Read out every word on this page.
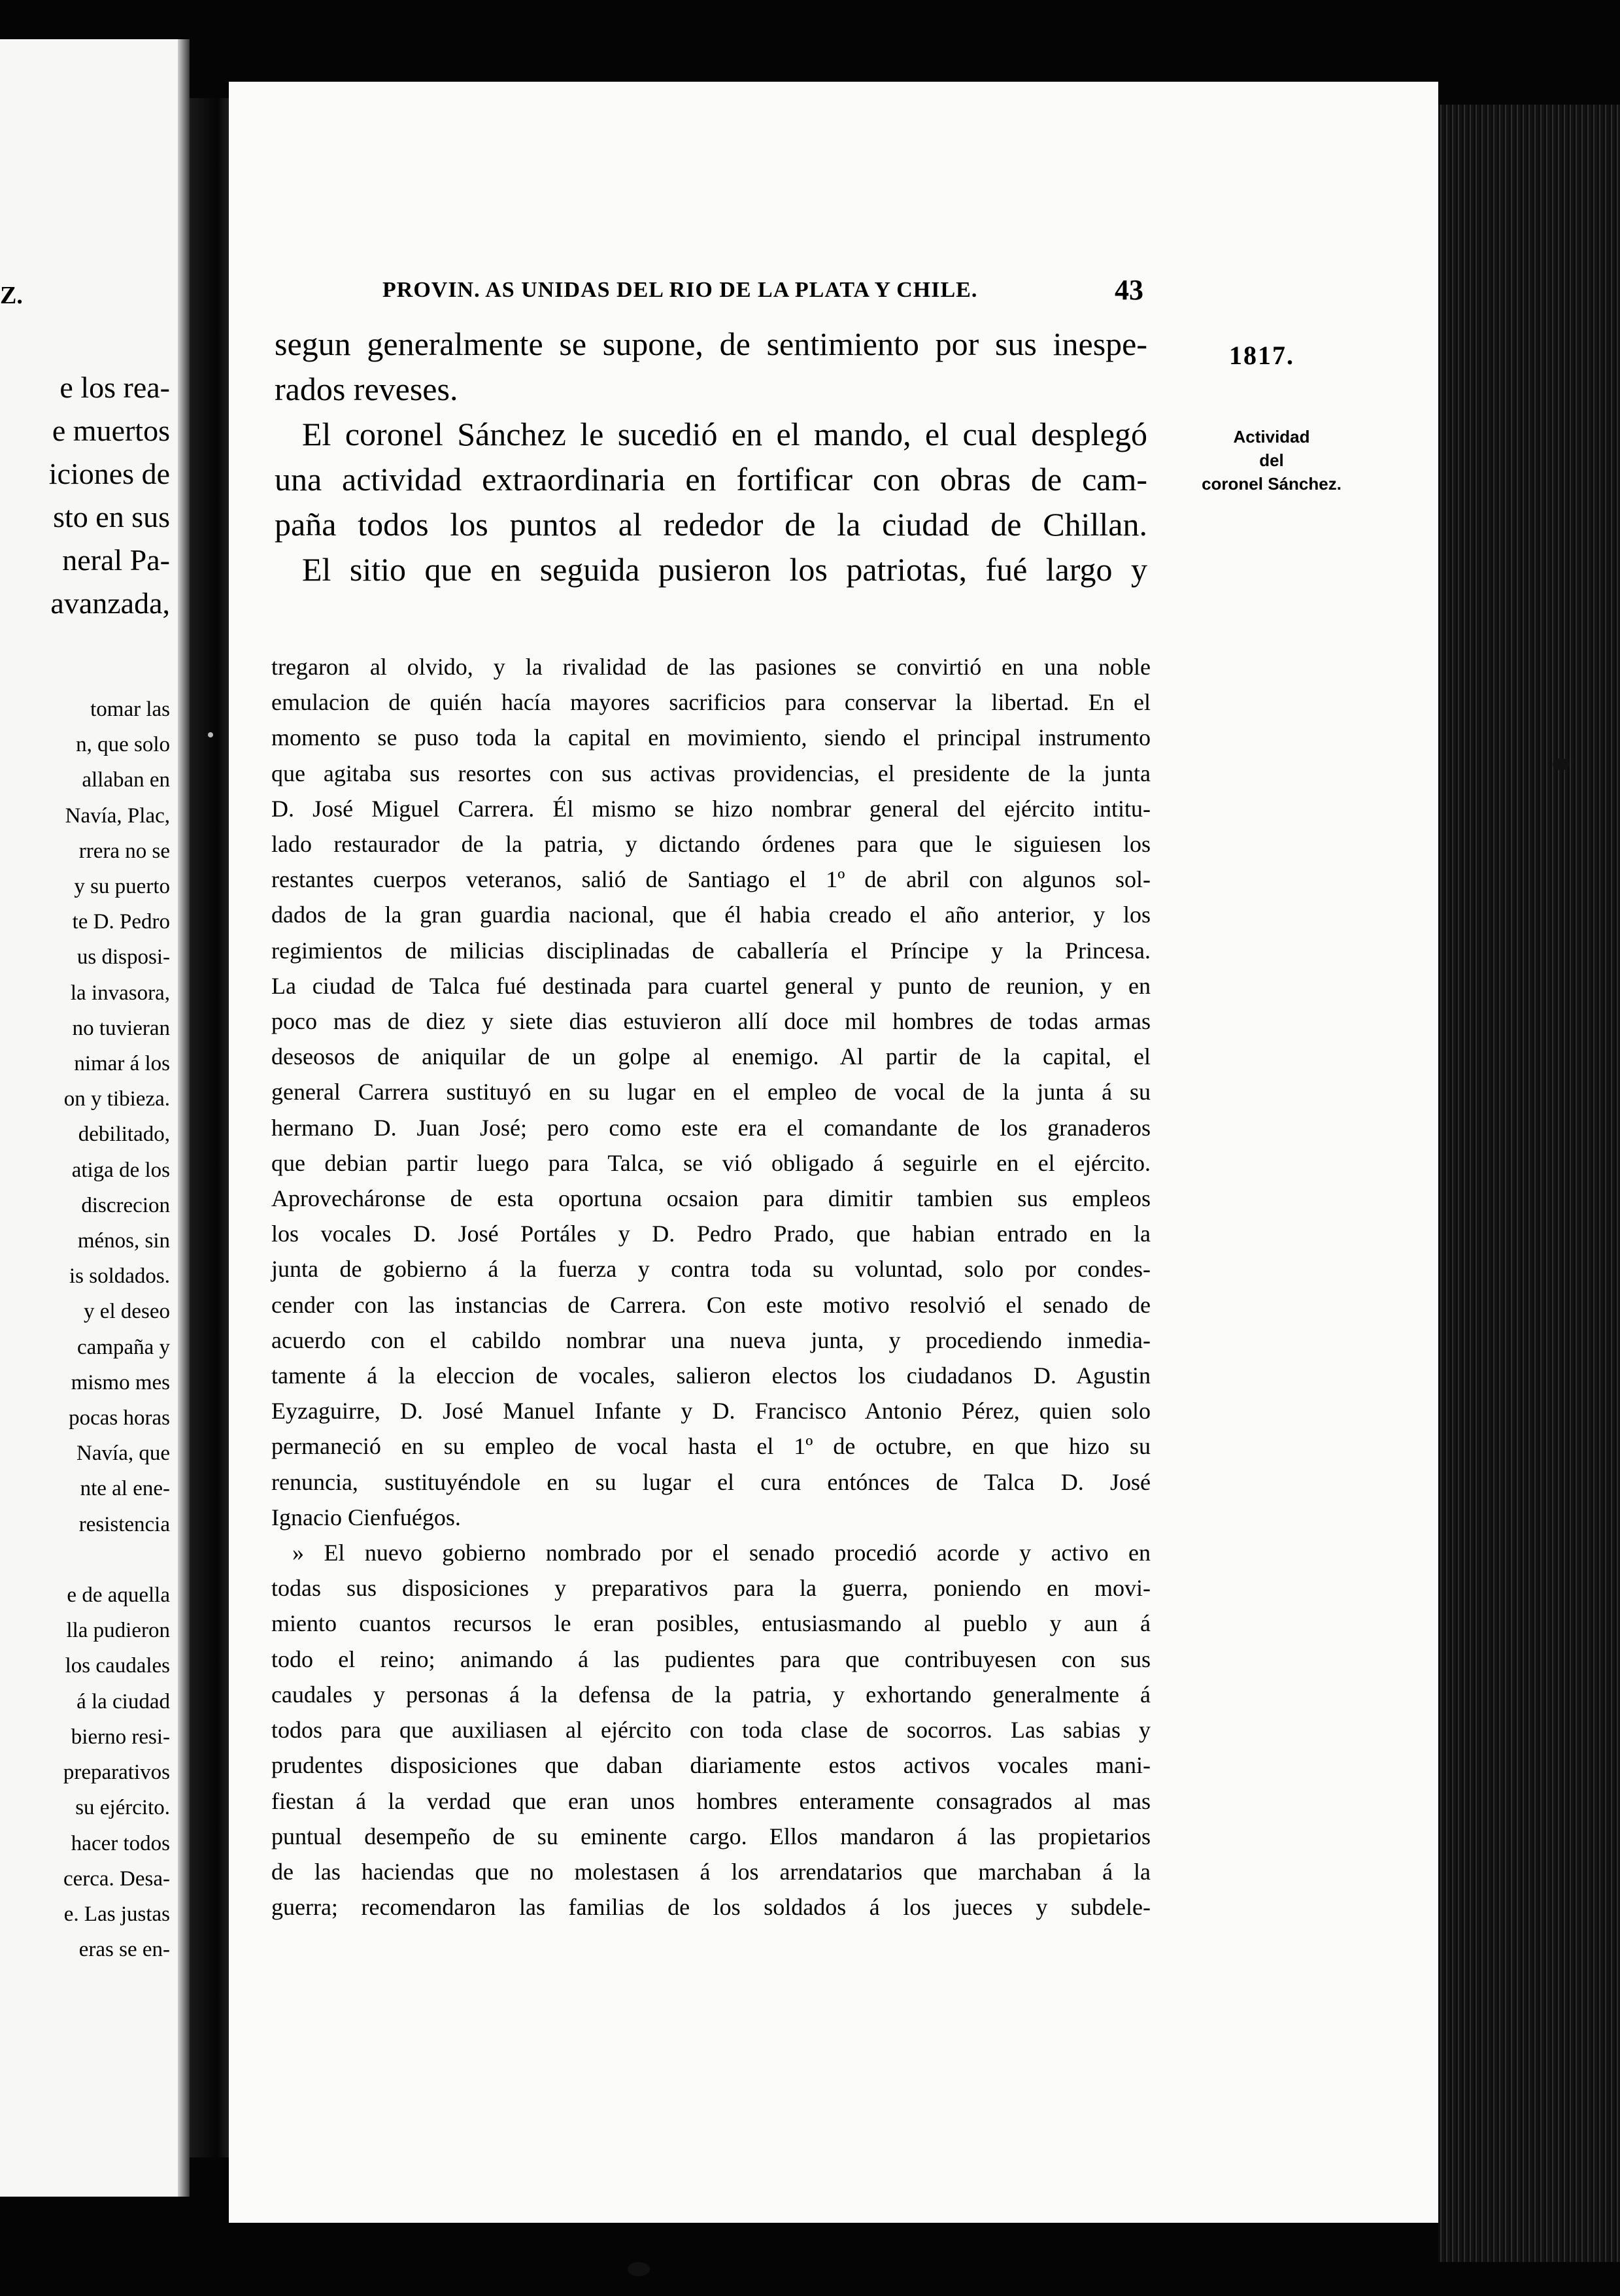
Z.
e los rea-
e muertos
iciones de
sto en sus
neral Pa-
avanzada,
tomar las
n, que solo
allaban en
Navía, Plac,
rrera no se
y su puerto
te D. Pedro
us disposi-
la invasora,
no tuvieran
nimar á los
on y tibieza.
debilitado,
atiga de los
discrecion
ménos, sin
is soldados.
y el deseo
campaña y
mismo mes
pocas horas
Navía, que
nte al ene-
resistencia

e de aquella
lla pudieron
los caudales
á la ciudad
bierno resi-
preparativos
su ejército.
hacer todos
cerca. Desa-
e. Las justas
eras se en-
PROVIN. AS UNIDAS DEL RIO DE LA PLATA Y CHILE.	43
segun generalmente se supone, de sentimiento por sus inespe-
rados reveses.
El coronel Sánchez le sucedió en el mando, el cual desplegó
una actividad extraordinaria en fortificar con obras de cam-
paña todos los puntos al rededor de la ciudad de Chillan.
El sitio que en seguida pusieron los patriotas, fué largo y
1817.
Actividad
del
coronel Sánchez.
tregaron al olvido, y la rivalidad de las pasiones se convirtió en una noble
emulacion de quién hacía mayores sacrificios para conservar la libertad. En el
momento se puso toda la capital en movimiento, siendo el principal instrumento
que agitaba sus resortes con sus activas providencias, el presidente de la junta
D. José Miguel Carrera. Él mismo se hizo nombrar general del ejército intitu-
lado restaurador de la patria, y dictando órdenes para que le siguiesen los
restantes cuerpos veteranos, salió de Santiago el 1º de abril con algunos sol-
dados de la gran guardia nacional, que él habia creado el año anterior, y los
regimientos de milicias disciplinadas de caballería el Príncipe y la Princesa.
La ciudad de Talca fué destinada para cuartel general y punto de reunion, y en
poco mas de diez y siete dias estuvieron allí doce mil hombres de todas armas
deseosos de aniquilar de un golpe al enemigo. Al partir de la capital, el
general Carrera sustituyó en su lugar en el empleo de vocal de la junta á su
hermano D. Juan José; pero como este era el comandante de los granaderos
que debian partir luego para Talca, se vió obligado á seguirle en el ejército.
Aprovecháronse de esta oportuna ocsaion para dimitir tambien sus empleos
los vocales D. José Portáles y D. Pedro Prado, que habian entrado en la
junta de gobierno á la fuerza y contra toda su voluntad, solo por condes-
cender con las instancias de Carrera. Con este motivo resolvió el senado de
acuerdo con el cabildo nombrar una nueva junta, y procediendo inmedia-
tamente á la eleccion de vocales, salieron electos los ciudadanos D. Agustin
Eyzaguirre, D. José Manuel Infante y D. Francisco Antonio Pérez, quien solo
permaneció en su empleo de vocal hasta el 1º de octubre, en que hizo su
renuncia, sustituyéndole en su lugar el cura entónces de Talca D. José
Ignacio Cienfuégos.
» El nuevo gobierno nombrado por el senado procedió acorde y activo en
todas sus disposiciones y preparativos para la guerra, poniendo en movi-
miento cuantos recursos le eran posibles, entusiasmando al pueblo y aun á
todo el reino; animando á las pudientes para que contribuyesen con sus
caudales y personas á la defensa de la patria, y exhortando generalmente á
todos para que auxiliasen al ejército con toda clase de socorros. Las sabias y
prudentes disposiciones que daban diariamente estos activos vocales mani-
fiestan á la verdad que eran unos hombres enteramente consagrados al mas
puntual desempeño de su eminente cargo. Ellos mandaron á las propietarios
de las haciendas que no molestasen á los arrendatarios que marchaban á la
guerra; recomendaron las familias de los soldados á los jueces y subdele-
